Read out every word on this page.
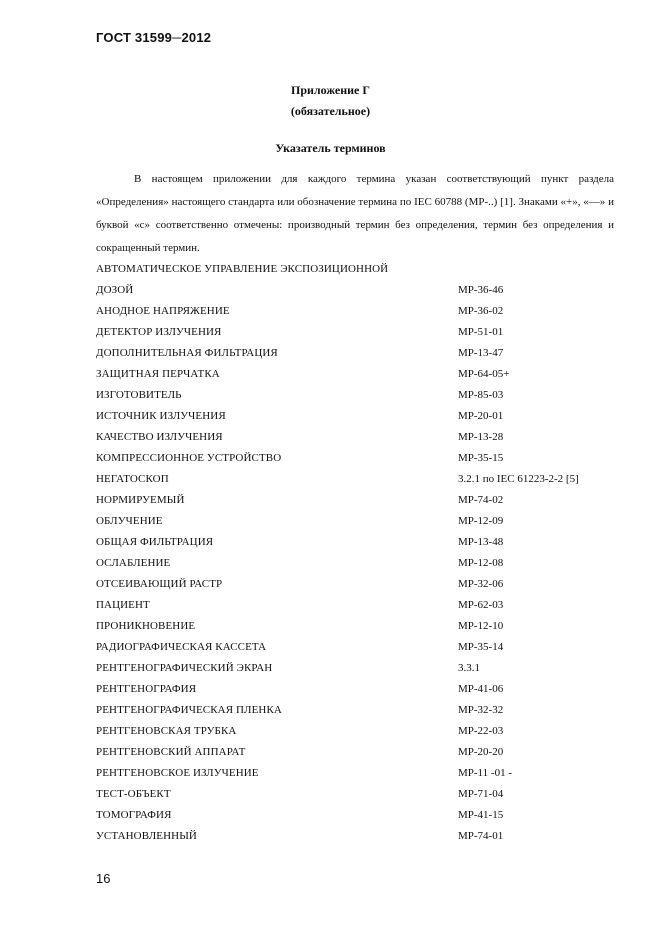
ГОСТ 31599─2012
Приложение Г
(обязательное)
Указатель терминов

В настоящем приложении для каждого термина указан соответствующий пункт раздела «Определения» настоящего стандарта или обозначение термина по IEC 60788 (MP-..) [1]. Знаками «+», «—» и буквой «с» соответственно отмечены: производный термин без определения, термин без определения и сокращенный термин.

АВТОМАТИЧЕСКОЕ УПРАВЛЕНИЕ ЭКСПОЗИЦИОННОЙ
ДОЗОЙ	MP-36-46
АНОДНОЕ НАПРЯЖЕНИЕ	MP-36-02
ДЕТЕКТОР ИЗЛУЧЕНИЯ	MP-51-01
ДОПОЛНИТЕЛЬНАЯ ФИЛЬТРАЦИЯ	MP-13-47
ЗАЩИТНАЯ ПЕРЧАТКА	MP-64-05+
ИЗГОТОВИТЕЛЬ	MP-85-03
ИСТОЧНИК ИЗЛУЧЕНИЯ	MP-20-01
КАЧЕСТВО ИЗЛУЧЕНИЯ	MP-13-28
КОМПРЕССИОННОЕ УСТРОЙСТВО	MP-35-15
НЕГАТОСКОП	3.2.1 по IEC 61223-2-2 [5]
НОРМИРУЕМЫЙ	MP-74-02
ОБЛУЧЕНИЕ	MP-12-09
ОБЩАЯ ФИЛЬТРАЦИЯ	MP-13-48
ОСЛАБЛЕНИЕ	MP-12-08
ОТСЕИВАЮЩИЙ РАСТР	MP-32-06
ПАЦИЕНТ	MP-62-03
ПРОНИКНОВЕНИЕ	MP-12-10
РАДИОГРАФИЧЕСКАЯ КАССЕТА	MP-35-14
РЕНТГЕНОГРАФИЧЕСКИЙ ЭКРАН	3.3.1
РЕНТГЕНОГРАФИЯ	MP-41-06
РЕНТГЕНОГРАФИЧЕСКАЯ ПЛЕНКА	MP-32-32
РЕНТГЕНОВСКАЯ ТРУБКА	MP-22-03
РЕНТГЕНОВСКИЙ АППАРАТ	MP-20-20
РЕНТГЕНОВСКОЕ ИЗЛУЧЕНИЕ	MP-11 -01 -
ТЕСТ-ОБЪЕКТ	MP-71-04
ТОМОГРАФИЯ	MP-41-15
УСТАНОВЛЕННЫЙ	MP-74-01
16
